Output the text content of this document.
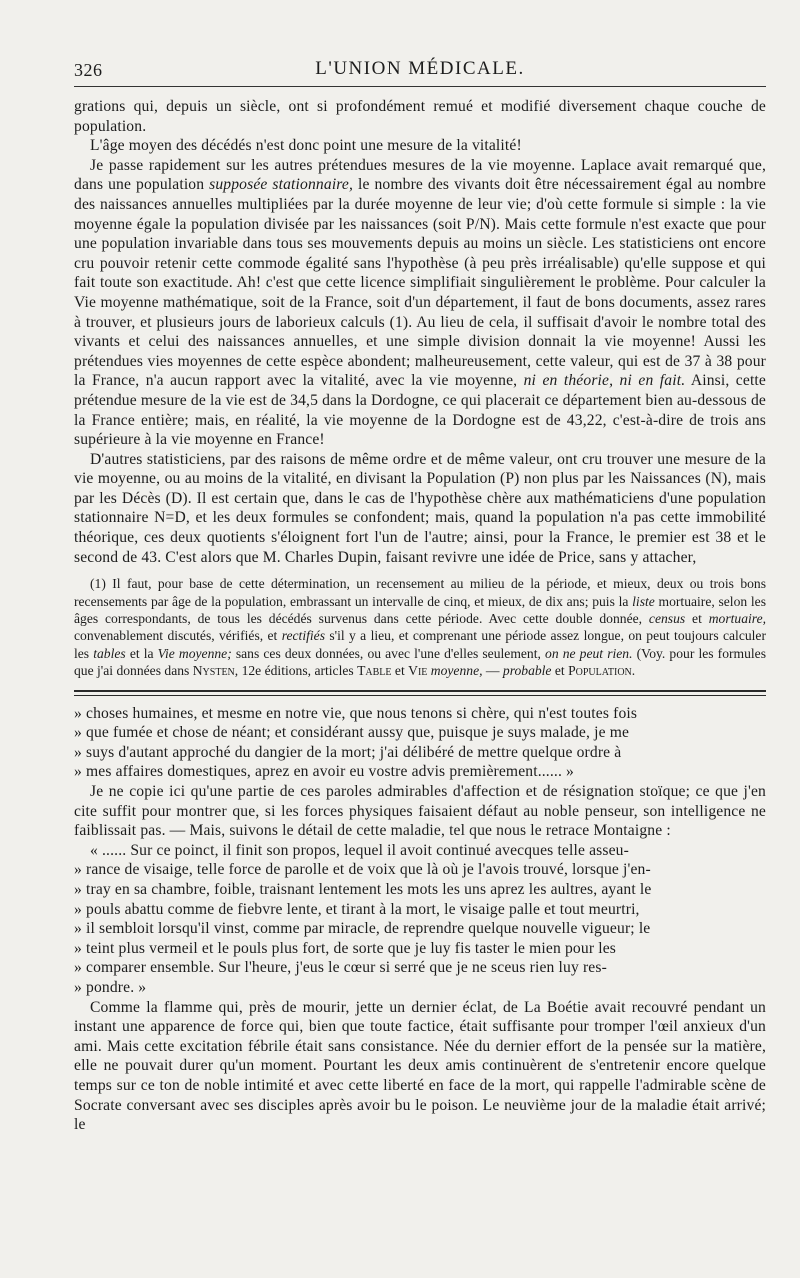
326	L'UNION MÉDICALE.

grations qui, depuis un siècle, ont si profondément remué et modifié diversement chaque couche de population.

L'âge moyen des décédés n'est donc point une mesure de la vitalité!

Je passe rapidement sur les autres prétendues mesures de la vie moyenne. Laplace avait remarqué que, dans une population supposée stationnaire, le nombre des vivants doit être nécessairement égal au nombre des naissances annuelles multipliées par la durée moyenne de leur vie; d'où cette formule si simple : la vie moyenne égale la population divisée par les naissances (soit P/N). Mais cette formule n'est exacte que pour une population invariable dans tous ses mouvements depuis au moins un siècle. Les statisticiens ont encore cru pouvoir retenir cette commode égalité sans l'hypothèse (à peu près irréalisable) qu'elle suppose et qui fait toute son exactitude. Ah! c'est que cette licence simplifiait singulièrement le problème. Pour calculer la Vie moyenne mathématique, soit de la France, soit d'un département, il faut de bons documents, assez rares à trouver, et plusieurs jours de laborieux calculs (1). Au lieu de cela, il suffisait d'avoir le nombre total des vivants et celui des naissances annuelles, et une simple division donnait la vie moyenne! Aussi les prétendues vies moyennes de cette espèce abondent; malheureusement, cette valeur, qui est de 37 à 38 pour la France, n'a aucun rapport avec la vitalité, avec la vie moyenne, ni en théorie, ni en fait. Ainsi, cette prétendue mesure de la vie est de 34,5 dans la Dordogne, ce qui placerait ce département bien au-dessous de la France entière; mais, en réalité, la vie moyenne de la Dordogne est de 43,22, c'est-à-dire de trois ans supérieure à la vie moyenne en France!

D'autres statisticiens, par des raisons de même ordre et de même valeur, ont cru trouver une mesure de la vie moyenne, ou au moins de la vitalité, en divisant la Population (P) non plus par les Naissances (N), mais par les Décès (D). Il est certain que, dans le cas de l'hypothèse chère aux mathématiciens d'une population stationnaire N=D, et les deux formules se confondent; mais, quand la population n'a pas cette immobilité théorique, ces deux quotients s'éloignent fort l'un de l'autre; ainsi, pour la France, le premier est 38 et le second de 43. C'est alors que M. Charles Dupin, faisant revivre une idée de Price, sans y attacher,

(1) Il faut, pour base de cette détermination, un recensement au milieu de la période, et mieux, deux ou trois bons recensements par âge de la population, embrassant un intervalle de cinq, et mieux, de dix ans; puis la liste mortuaire, selon les âges correspondants, de tous les décédés survenus dans cette période. Avec cette double donnée, census et mortuaire, convenablement discutés, vérifiés, et rectifiés s'il y a lieu, et comprenant une période assez longue, on peut toujours calculer les tables et la Vie moyenne; sans ces deux données, ou avec l'une d'elles seulement, on ne peut rien. (Voy. pour les formules que j'ai données dans Nysten, 12e éditions, articles Table et Vie moyenne, — probable et Population.

» choses humaines, et mesme en notre vie, que nous tenons si chère, qui n'est toutes fois
» que fumée et chose de néant; et considérant aussy que, puisque je suys malade, je me
» suys d'autant approché du dangier de la mort; j'ai délibéré de mettre quelque ordre à
» mes affaires domestiques, aprez en avoir eu vostre advis premièrement...... »

Je ne copie ici qu'une partie de ces paroles admirables d'affection et de résignation stoïque; ce que j'en cite suffit pour montrer que, si les forces physiques faisaient défaut au noble penseur, son intelligence ne faiblissait pas. — Mais, suivons le détail de cette maladie, tel que nous le retrace Montaigne :

« ...... Sur ce poinct, il finit son propos, lequel il avoit continué avecques telle asseu-
» rance de visaige, telle force de parolle et de voix que là où je l'avois trouvé, lorsque j'en-
» tray en sa chambre, foible, traisnant lentement les mots les uns aprez les aultres, ayant le
» pouls abattu comme de fiebvre lente, et tirant à la mort, le visaige palle et tout meurtri,
» il sembloit lorsqu'il vinst, comme par miracle, de reprendre quelque nouvelle vigueur; le
» teint plus vermeil et le pouls plus fort, de sorte que je luy fis taster le mien pour les
» comparer ensemble. Sur l'heure, j'eus le cœur si serré que je ne sceus rien luy res-
» pondre. »

Comme la flamme qui, près de mourir, jette un dernier éclat, de La Boétie avait recouvré pendant un instant une apparence de force qui, bien que toute factice, était suffisante pour tromper l'œil anxieux d'un ami. Mais cette excitation fébrile était sans consistance. Née du dernier effort de la pensée sur la matière, elle ne pouvait durer qu'un moment. Pourtant les deux amis continuèrent de s'entretenir encore quelque temps sur ce ton de noble intimité et avec cette liberté en face de la mort, qui rappelle l'admirable scène de Socrate conversant avec ses disciples après avoir bu le poison. Le neuvième jour de la maladie était arrivé; le
